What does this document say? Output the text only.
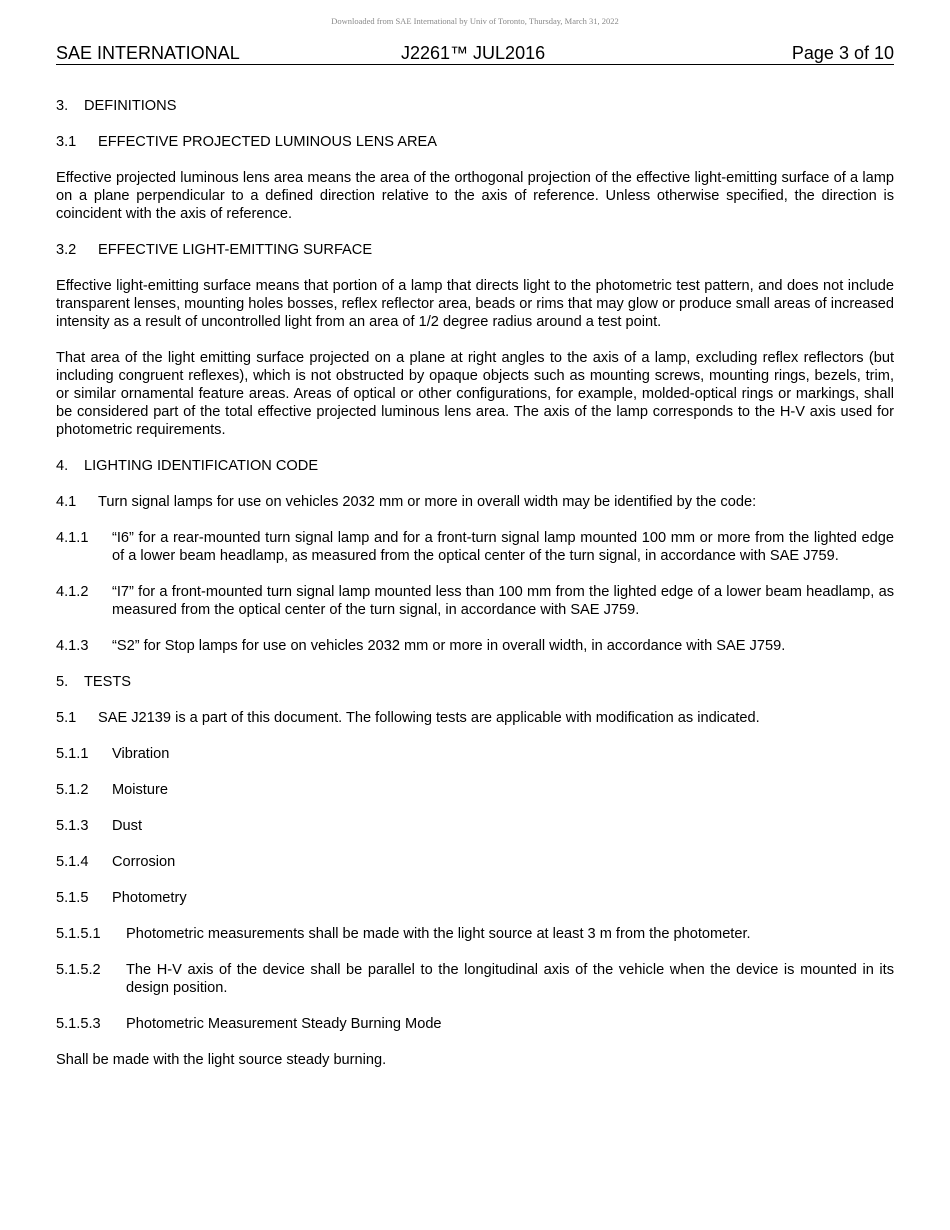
Downloaded from SAE International by Univ of Toronto, Thursday, March 31, 2022
SAE INTERNATIONAL	J2261™ JUL2016	Page 3 of 10
3. DEFINITIONS
3.1 EFFECTIVE PROJECTED LUMINOUS LENS AREA

Effective projected luminous lens area means the area of the orthogonal projection of the effective light-emitting surface of a lamp on a plane perpendicular to a defined direction relative to the axis of reference. Unless otherwise specified, the direction is coincident with the axis of reference.

3.2 EFFECTIVE LIGHT-EMITTING SURFACE

Effective light-emitting surface means that portion of a lamp that directs light to the photometric test pattern, and does not include transparent lenses, mounting holes bosses, reflex reflector area, beads or rims that may glow or produce small areas of increased intensity as a result of uncontrolled light from an area of 1/2 degree radius around a test point.

That area of the light emitting surface projected on a plane at right angles to the axis of a lamp, excluding reflex reflectors (but including congruent reflexes), which is not obstructed by opaque objects such as mounting screws, mounting rings, bezels, trim, or similar ornamental feature areas. Areas of optical or other configurations, for example, molded-optical rings or markings, shall be considered part of the total effective projected luminous lens area. The axis of the lamp corresponds to the H-V axis used for photometric requirements.

4. LIGHTING IDENTIFICATION CODE
4.1 Turn signal lamps for use on vehicles 2032 mm or more in overall width may be identified by the code:
4.1.1	“I6” for a rear-mounted turn signal lamp and for a front-turn signal lamp mounted 100 mm or more from the lighted edge of a lower beam headlamp, as measured from the optical center of the turn signal, in accordance with SAE J759.
4.1.2	“I7” for a front-mounted turn signal lamp mounted less than 100 mm from the lighted edge of a lower beam headlamp, as measured from the optical center of the turn signal, in accordance with SAE J759.
4.1.3	“S2” for Stop lamps for use on vehicles 2032 mm or more in overall width, in accordance with SAE J759.
5. TESTS
5.1 SAE J2139 is a part of this document. The following tests are applicable with modification as indicated.
5.1.1	Vibration
5.1.2	Moisture
5.1.3	Dust
5.1.4	Corrosion
5.1.5	Photometry
5.1.5.1	Photometric measurements shall be made with the light source at least 3 m from the photometer.
5.1.5.2	The H-V axis of the device shall be parallel to the longitudinal axis of the vehicle when the device is mounted in its design position.
5.1.5.3	Photometric Measurement Steady Burning Mode

Shall be made with the light source steady burning.
